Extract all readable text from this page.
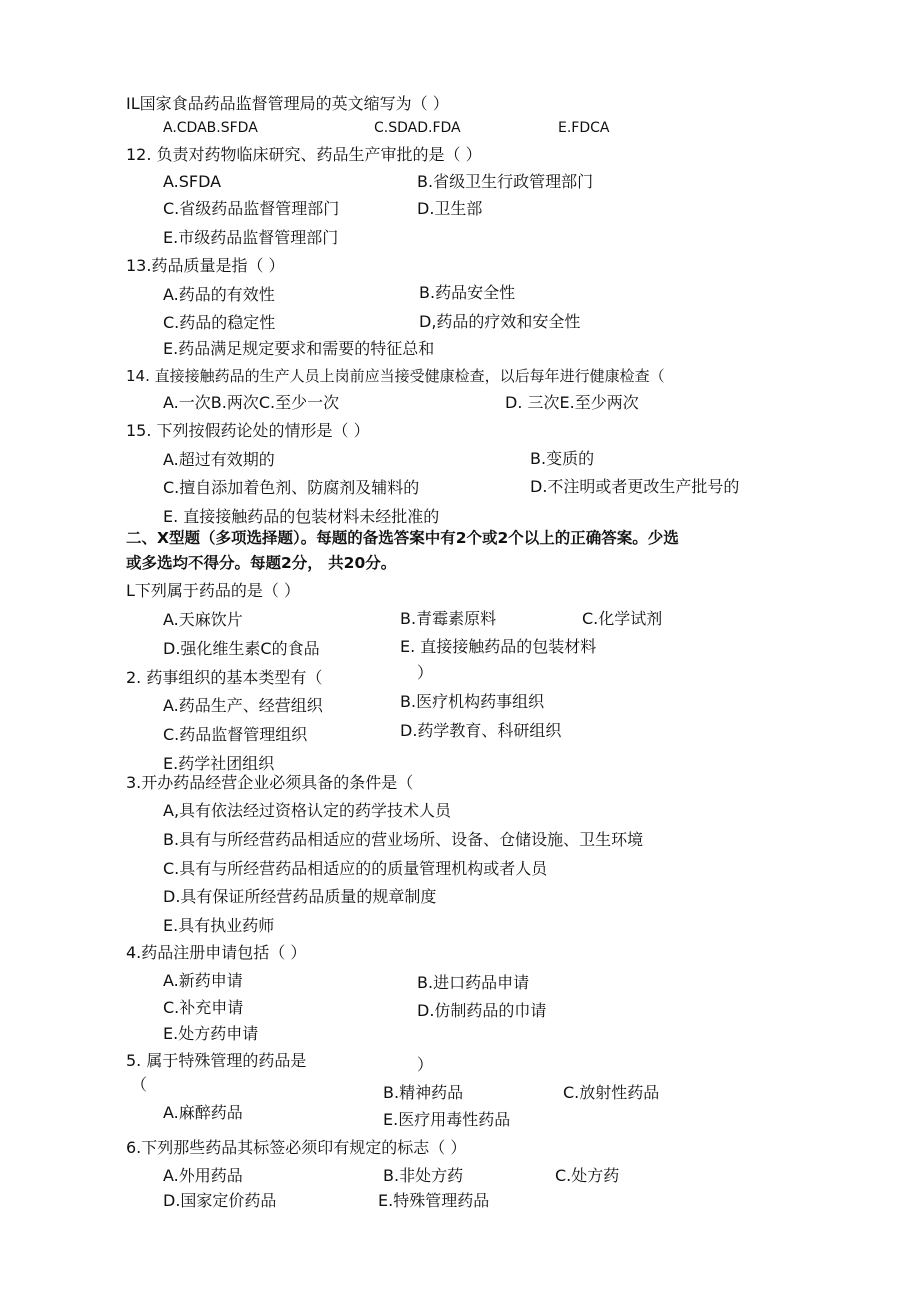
IL国家食品药品监督管理局的英文缩写为（ ）
A.CDAB.SFDA	C.SDAD.FDA	E.FDCA
12. 负责对药物临床研究、药品生产审批的是（ ）
A.SFDA	B.省级卫生行政管理部门
C.省级药品监督管理部门	D.卫生部
E.市级药品监督管理部门
13.药品质量是指（ ）
A.药品的有效性	B.药品安全性
C.药品的稳定性	D,药品的疗效和安全性
E.药品满足规定要求和需要的特征总和
14. 直接接触药品的生产人员上岗前应当接受健康检查，以后每年进行健康检查（
A.一次B.两次C.至少一次	D. 三次E.至少两次
15. 下列按假药论处的情形是（ ）
A.超过有效期的	B.变质的
C.擅自添加着色剂、防腐剂及辅料的	D.不注明或者更改生产批号的
E. 直接接触药品的包装材料未经批准的
二、X型题（多项选择题）。每题的备选答案中有2个或2个以上的正确答案。少选
或多选均不得分。每题2分， 共20分。
L下列属于药品的是（ ）
A.天麻饮片	B.青霉素原料	C.化学试剂
D.强化维生素C的食品	E. 直接接触药品的包装材料
2. 药事组织的基本类型有（	）
A.药品生产、经营组织	B.医疗机构药事组织
C.药品监督管理组织	D.药学教育、科研组织
E.药学社团组织
3.开办药品经营企业必须具备的条件是（
A,具有依法经过资格认定的药学技术人员
B.具有与所经营药品相适应的营业场所、设备、仓储设施、卫生环境
C.具有与所经营药品相适应的的质量管理机构或者人员
D.具有保证所经营药品质量的规章制度
E.具有执业药师
4.药品注册申请包括（ ）
A.新药申请	B.进口药品申请
C.补充申请	D.仿制药品的巾请
E.处方药申请
5. 属于特殊管理的药品是	）
（	B.精神药品	C.放射性药品
A.麻醉药品	E.医疗用毒性药品
6.下列那些药品其标签必须印有规定的标志（ ）
A.外用药品	B.非处方药	C.处方药
D.国家定价药品	E.特殊管理药品
